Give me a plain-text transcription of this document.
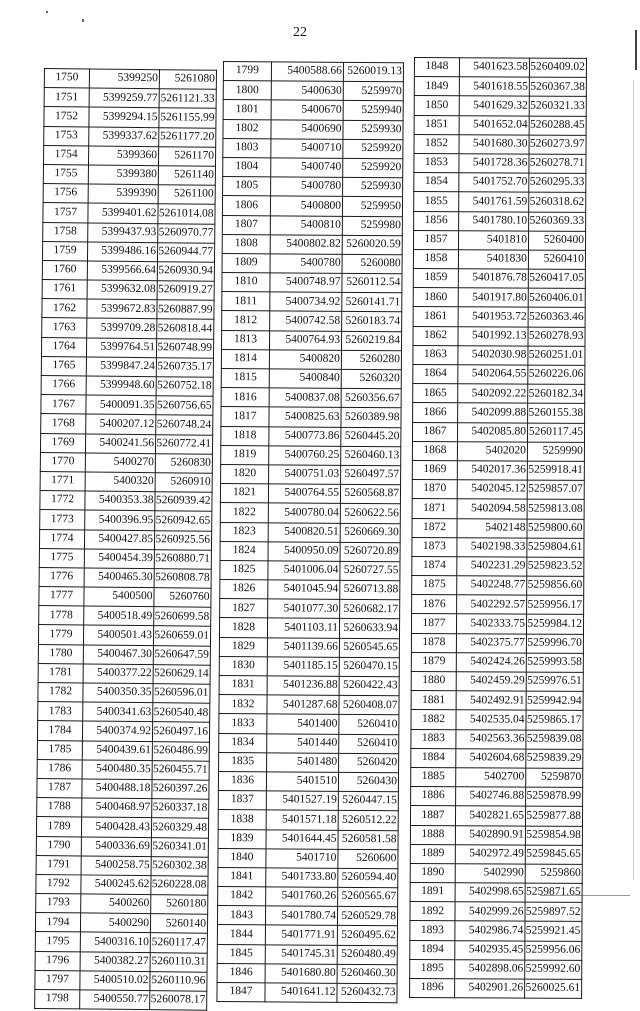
22
1750	5399250	5261080
1751	5399259.77	5261121.33
1752	5399294.15	5261155.99
1753	5399337.62	5261177.20
1754	5399360	5261170
1755	5399380	5261140
1756	5399390	5261100
1757	5399401.62	5261014.08
1758	5399437.93	5260970.77
1759	5399486.16	5260944.77
1760	5399566.64	5260930.94
1761	5399632.08	5260919.27
1762	5399672.83	5260887.99
1763	5399709.28	5260818.44
1764	5399764.51	5260748.99
1765	5399847.24	5260735.17
1766	5399948.60	5260752.18
1767	5400091.35	5260756.65
1768	5400207.12	5260748.24
1769	5400241.56	5260772.41
1770	5400270	5260830
1771	5400320	5260910
1772	5400353.38	5260939.42
1773	5400396.95	5260942.65
1774	5400427.85	5260925.56
1775	5400454.39	5260880.71
1776	5400465.30	5260808.78
1777	5400500	5260760
1778	5400518.49	5260699.58
1779	5400501.43	5260659.01
1780	5400467.30	5260647.59
1781	5400377.22	5260629.14
1782	5400350.35	5260596.01
1783	5400341.63	5260540.48
1784	5400374.92	5260497.16
1785	5400439.61	5260486.99
1786	5400480.35	5260455.71
1787	5400488.18	5260397.26
1788	5400468.97	5260337.18
1789	5400428.43	5260329.48
1790	5400336.69	5260341.01
1791	5400258.75	5260302.38
1792	5400245.62	5260228.08
1793	5400260	5260180
1794	5400290	5260140
1795	5400316.10	5260117.47
1796	5400382.27	5260110.31
1797	5400510.02	5260110.96
1798	5400550.77	5260078.17
1799	5400588.66	5260019.13
1800	5400630	5259970
1801	5400670	5259940
1802	5400690	5259930
1803	5400710	5259920
1804	5400740	5259920
1805	5400780	5259930
1806	5400800	5259950
1807	5400810	5259980
1808	5400802.82	5260020.59
1809	5400780	5260080
1810	5400748.97	5260112.54
1811	5400734.92	5260141.71
1812	5400742.58	5260183.74
1813	5400764.93	5260219.84
1814	5400820	5260280
1815	5400840	5260320
1816	5400837.08	5260356.67
1817	5400825.63	5260389.98
1818	5400773.86	5260445.20
1819	5400760.25	5260460.13
1820	5400751.03	5260497.57
1821	5400764.55	5260568.87
1822	5400780.04	5260622.56
1823	5400820.51	5260669.30
1824	5400950.09	5260720.89
1825	5401006.04	5260727.55
1826	5401045.94	5260713.88
1827	5401077.30	5260682.17
1828	5401103.11	5260633.94
1829	5401139.66	5260545.65
1830	5401185.15	5260470.15
1831	5401236.88	5260422.43
1832	5401287.68	5260408.07
1833	5401400	5260410
1834	5401440	5260410
1835	5401480	5260420
1836	5401510	5260430
1837	5401527.19	5260447.15
1838	5401571.18	5260512.22
1839	5401644.45	5260581.58
1840	5401710	5260600
1841	5401733.80	5260594.40
1842	5401760.26	5260565.67
1843	5401780.74	5260529.78
1844	5401771.91	5260495.62
1845	5401745.31	5260480.49
1846	5401680.80	5260460.30
1847	5401641.12	5260432.73
1848	5401623.58	5260409.02
1849	5401618.55	5260367.38
1850	5401629.32	5260321.33
1851	5401652.04	5260288.45
1852	5401680.30	5260273.97
1853	5401728.36	5260278.71
1854	5401752.70	5260295.33
1855	5401761.59	5260318.62
1856	5401780.10	5260369.33
1857	5401810	5260400
1858	5401830	5260410
1859	5401876.78	5260417.05
1860	5401917.80	5260406.01
1861	5401953.72	5260363.46
1862	5401992.13	5260278.93
1863	5402030.98	5260251.01
1864	5402064.55	5260226.06
1865	5402092.22	5260182.34
1866	5402099.88	5260155.38
1867	5402085.80	5260117.45
1868	5402020	5259990
1869	5402017.36	5259918.41
1870	5402045.12	5259857.07
1871	5402094.58	5259813.08
1872	5402148	5259800.60
1873	5402198.33	5259804.61
1874	5402231.29	5259823.52
1875	5402248.77	5259856.60
1876	5402292.57	5259956.17
1877	5402333.75	5259984.12
1878	5402375.77	5259996.70
1879	5402424.26	5259993.58
1880	5402459.29	5259976.51
1881	5402492.91	5259942.94
1882	5402535.04	5259865.17
1883	5402563.36	5259839.08
1884	5402604.68	5259839.29
1885	5402700	5259870
1886	5402746.88	5259878.99
1887	5402821.65	5259877.88
1888	5402890.91	5259854.98
1889	5402972.49	5259845.65
1890	5402990	5259860
1891	5402998.65	5259871.65
1892	5402999.26	5259897.52
1893	5402986.74	5259921.45
1894	5402935.45	5259956.06
1895	5402898.06	5259992.60
1896	5402901.26	5260025.61
